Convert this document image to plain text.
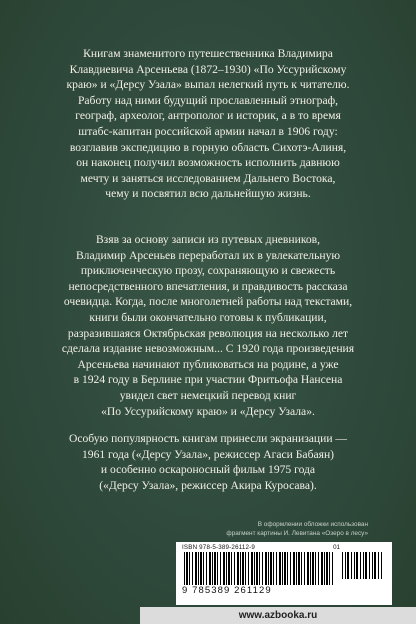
Книгам знаменитого путешественника Владимира
Клавдиевича Арсеньева (1872–1930) «По Уссурийскому
краю» и «Дерсу Узала» выпал нелегкий путь к читателю.
Работу над ними будущий прославленный этнограф,
географ, археолог, антрополог и историк, а в то время
штабс-капитан российской армии начал в 1906 году:
возглавив экспедицию в горную область Сихотэ-Алиня,
он наконец получил возможность исполнить давнюю
мечту и заняться исследованием Дальнего Востока,
чему и посвятил всю дальнейшую жизнь.

Взяв за основу записи из путевых дневников,
Владимир Арсеньев переработал их в увлекательную
приключенческую прозу, сохраняющую и свежесть
непосредственного впечатления, и правдивость рассказа
очевидца. Когда, после многолетней работы над текстами,
книги были окончательно готовы к публикации,
разразившаяся Октябрьская революция на несколько лет
сделала издание невозможным... С 1920 года произведения
Арсеньева начинают публиковаться на родине, а уже
в 1924 году в Берлине при участии Фритьофа Нансена
увидел свет немецкий перевод книг
«По Уссурийскому краю» и «Дерсу Узала».

Особую популярность книгам принесли экранизации —
1961 года («Дерсу Узала», режиссер Агаси Бабаян)
и особенно оскароносный фильм 1975 года
(«Дерсу Узала», режиссер Акира Куросава).

В оформлении обложки использован
фрагмент картины И. Левитана «Озеро в лесу»
ISBN 978-5-389-26112-9	01
9 785389 261129
www.azbooka.ru
